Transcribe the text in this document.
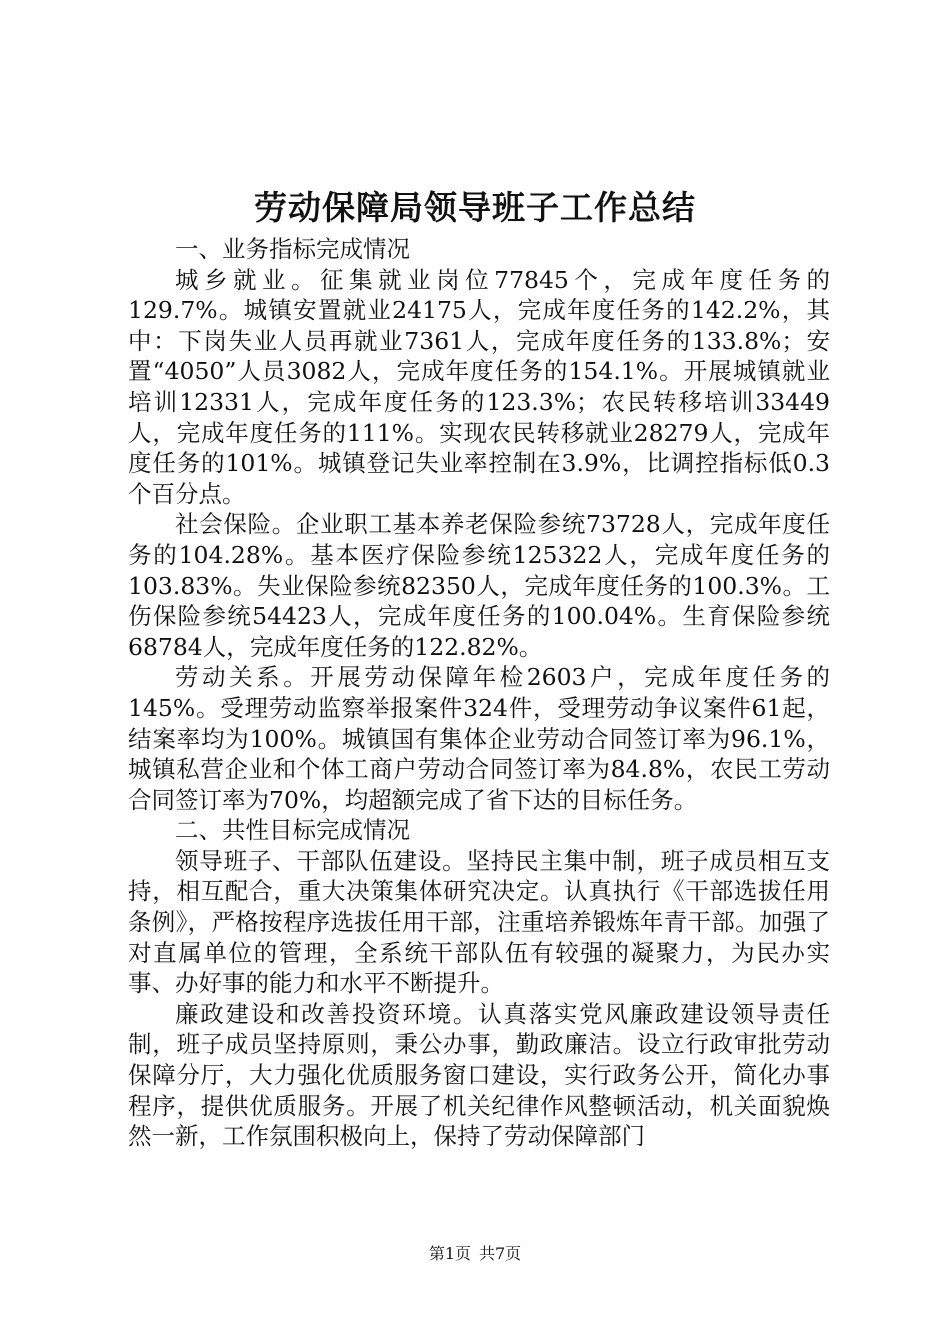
劳动保障局领导班子工作总结

一、业务指标完成情况

城乡就业。征集就业岗位77845个，完成年度任务的129.7%。城镇安置就业24175人，完成年度任务的142.2%，其中：下岗失业人员再就业7361人，完成年度任务的133.8%；安置“4050”人员3082人，完成年度任务的154.1%。开展城镇就业培训12331人，完成年度任务的123.3%；农民转移培训33449人，完成年度任务的111%。实现农民转移就业28279人，完成年度任务的101%。城镇登记失业率控制在3.9%，比调控指标低0.3个百分点。

社会保险。企业职工基本养老保险参统73728人，完成年度任务的104.28%。基本医疗保险参统125322人，完成年度任务的103.83%。失业保险参统82350人，完成年度任务的100.3%。工伤保险参统54423人，完成年度任务的100.04%。生育保险参统68784人，完成年度任务的122.82%。

劳动关系。开展劳动保障年检2603户，完成年度任务的145%。受理劳动监察举报案件324件，受理劳动争议案件61起，结案率均为100%。城镇国有集体企业劳动合同签订率为96.1%，城镇私营企业和个体工商户劳动合同签订率为84.8%，农民工劳动合同签订率为70%，均超额完成了省下达的目标任务。

二、共性目标完成情况

领导班子、干部队伍建设。坚持民主集中制，班子成员相互支持，相互配合，重大决策集体研究决定。认真执行《干部选拔任用条例》，严格按程序选拔任用干部，注重培养锻炼年青干部。加强了对直属单位的管理，全系统干部队伍有较强的凝聚力，为民办实事、办好事的能力和水平不断提升。

廉政建设和改善投资环境。认真落实党风廉政建设领导责任制，班子成员坚持原则，秉公办事，勤政廉洁。设立行政审批劳动保障分厅，大力强化优质服务窗口建设，实行政务公开，简化办事程序，提供优质服务。开展了机关纪律作风整顿活动，机关面貌焕然一新，工作氛围积极向上，保持了劳动保障部门

第1页 共7页
